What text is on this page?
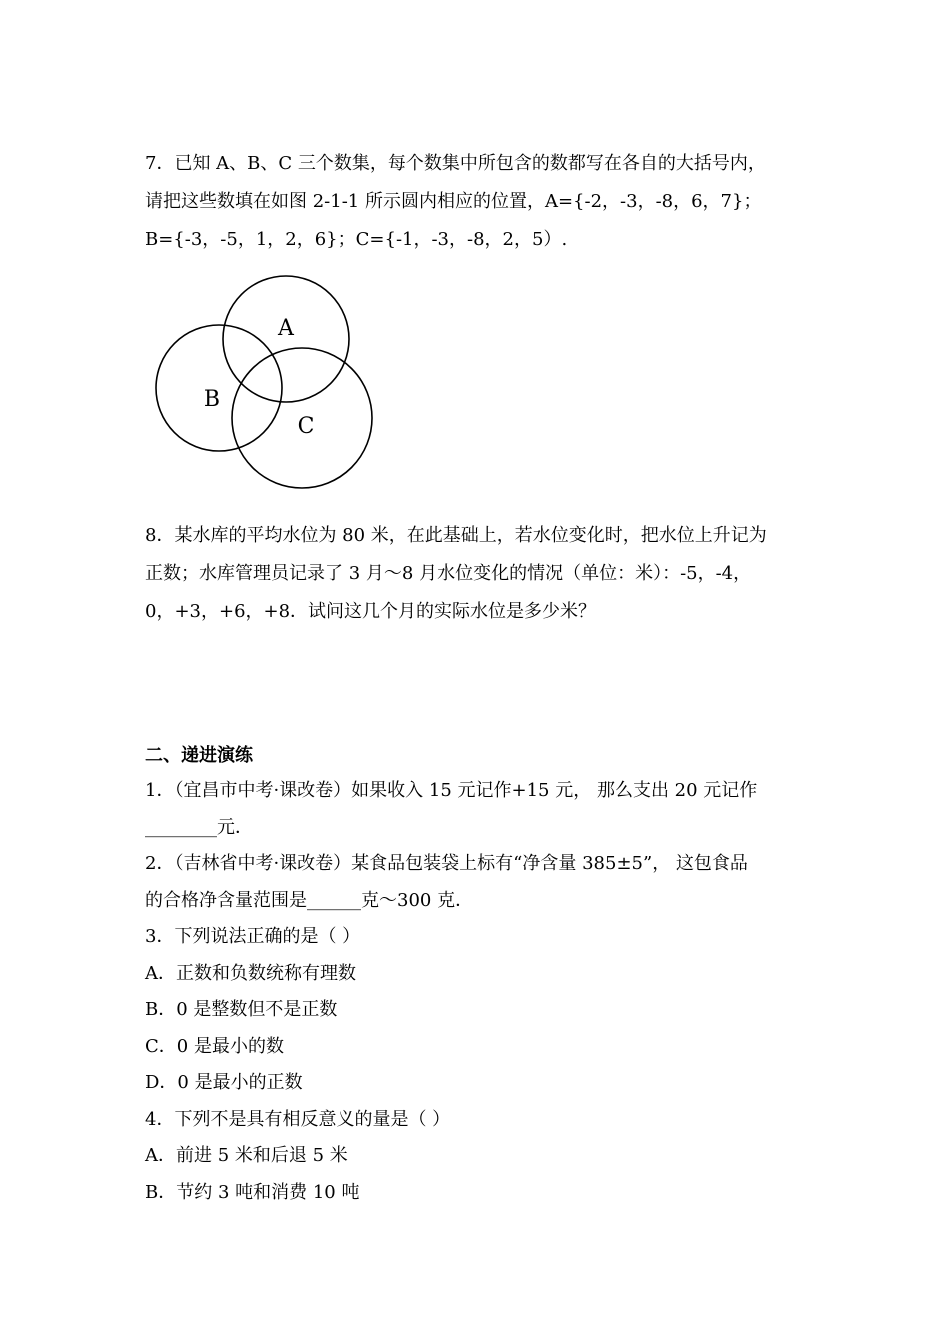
7．已知 A、B、C 三个数集，每个数集中所包含的数都写在各自的大括号内，
请把这些数填在如图 2-1-1 所示圆内相应的位置，A={-2，-3，-8，6，7}；
B={-3，-5，1，2，6}；C={-1，-3，-8，2，5）.
A
B
C
8．某水库的平均水位为 80 米，在此基础上，若水位变化时，把水位上升记为
正数；水库管理员记录了 3 月～8 月水位变化的情况（单位：米）：-5，-4，
0，+3，+6，+8．试问这几个月的实际水位是多少米？
二、递进演练
1．（宜昌市中考·课改卷）如果收入 15 元记作+15 元， 那么支出 20 元记作
________元．
2．（吉林省中考·课改卷）某食品包装袋上标有“净含量 385±5”， 这包食品
的合格净含量范围是______克～300 克．
3．下列说法正确的是（ ）
A．正数和负数统称有理数
B．0 是整数但不是正数
C．0 是最小的数
D．0 是最小的正数
4．下列不是具有相反意义的量是（ ）
A．前进 5 米和后退 5 米
B．节约 3 吨和消费 10 吨
